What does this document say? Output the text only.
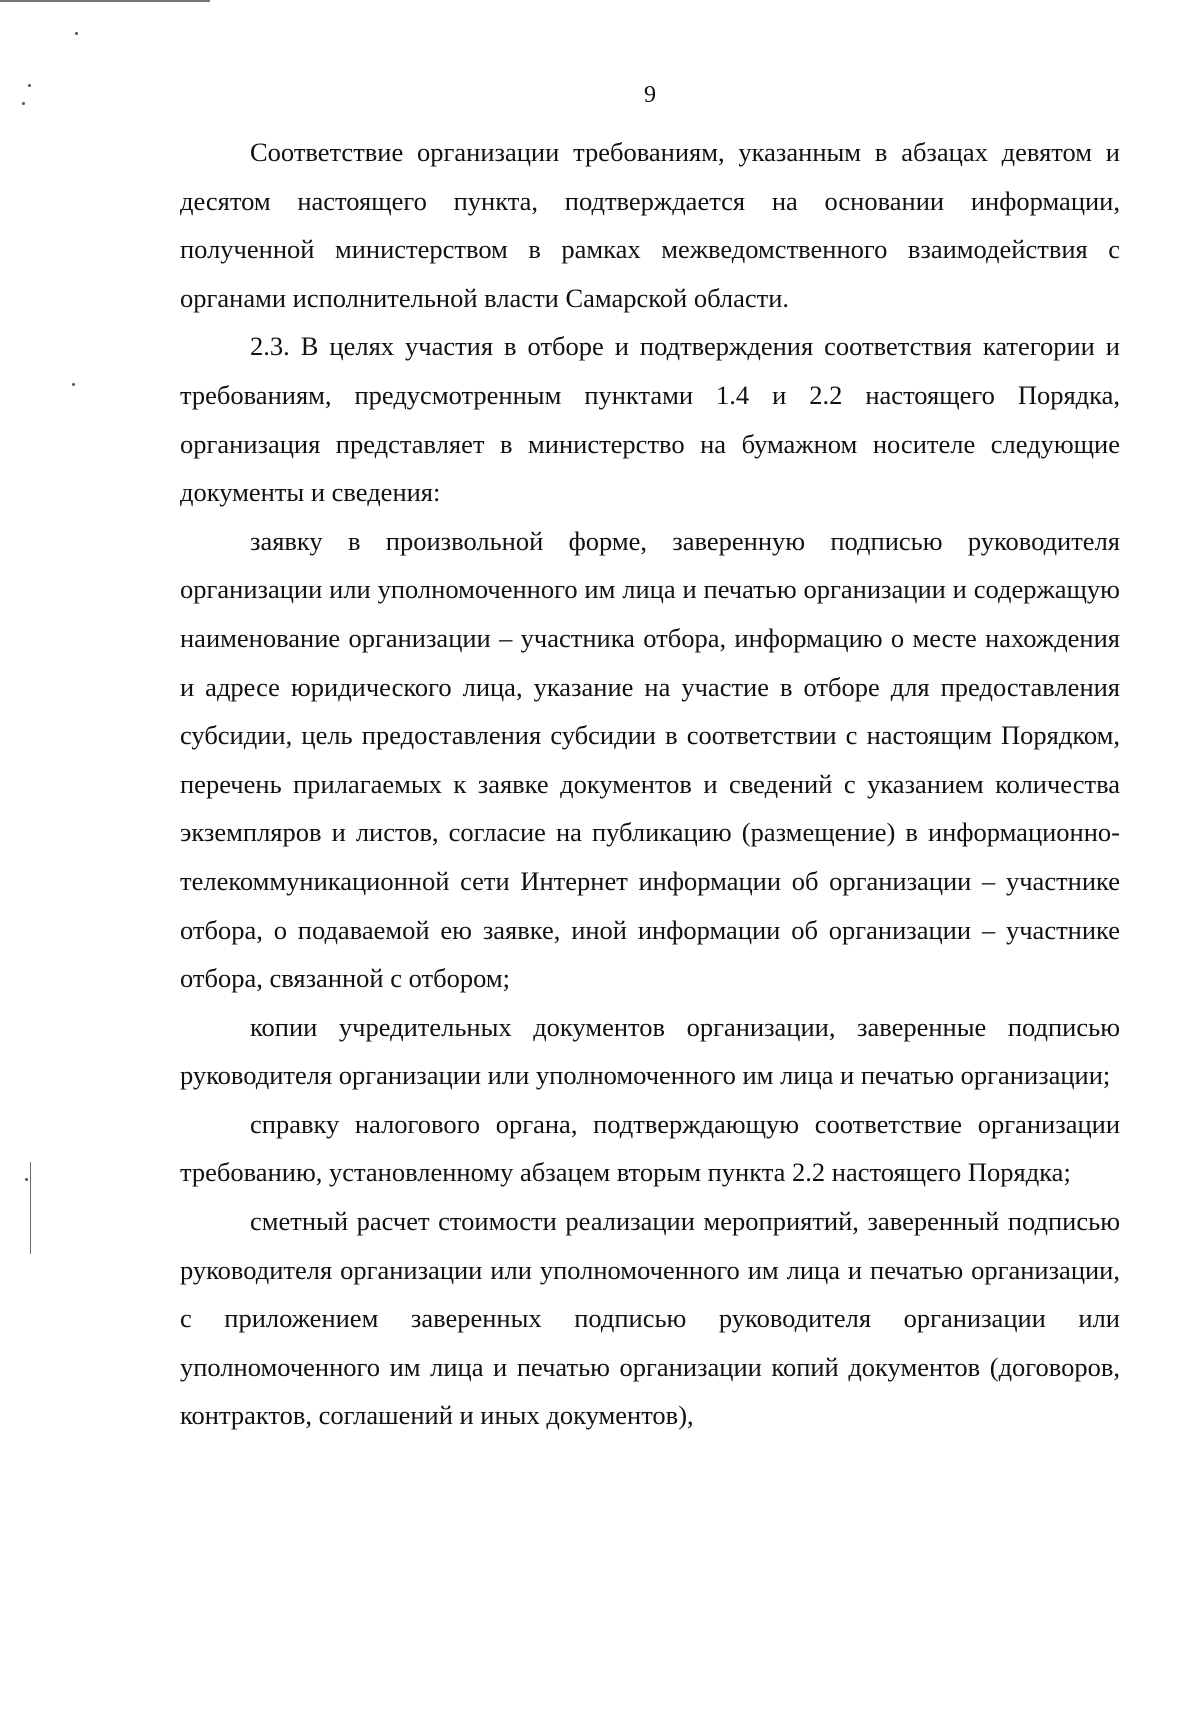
9

Соответствие организации требованиям, указанным в абзацах девятом и десятом настоящего пункта, подтверждается на основании информации, полученной министерством в рамках межведомственного взаимодействия с органами исполнительной власти Самарской области.

2.3. В целях участия в отборе и подтверждения соответствия категории и требованиям, предусмотренным пунктами 1.4 и 2.2 настоящего Порядка, организация представляет в министерство на бумажном носителе следующие документы и сведения:

заявку в произвольной форме, заверенную подписью руководителя организации или уполномоченного им лица и печатью организации и содержащую наименование организации – участника отбора, информацию о месте нахождения и адресе юридического лица, указание на участие в отборе для предоставления субсидии, цель предоставления субсидии в соответствии с настоящим Порядком, перечень прилагаемых к заявке документов и сведений с указанием количества экземпляров и листов, согласие на публикацию (размещение) в информационно-телекоммуникационной сети Интернет информации об организации – участнике отбора, о подаваемой ею заявке, иной информации об организации – участнике отбора, связанной с отбором;

копии учредительных документов организации, заверенные подписью руководителя организации или уполномоченного им лица и печатью организации;

справку налогового органа, подтверждающую соответствие организации требованию, установленному абзацем вторым пункта 2.2 настоящего Порядка;

сметный расчет стоимости реализации мероприятий, заверенный подписью руководителя организации или уполномоченного им лица и печатью организации, с приложением заверенных подписью руководителя организации или уполномоченного им лица и печатью организации копий документов (договоров, контрактов, соглашений и иных документов),
